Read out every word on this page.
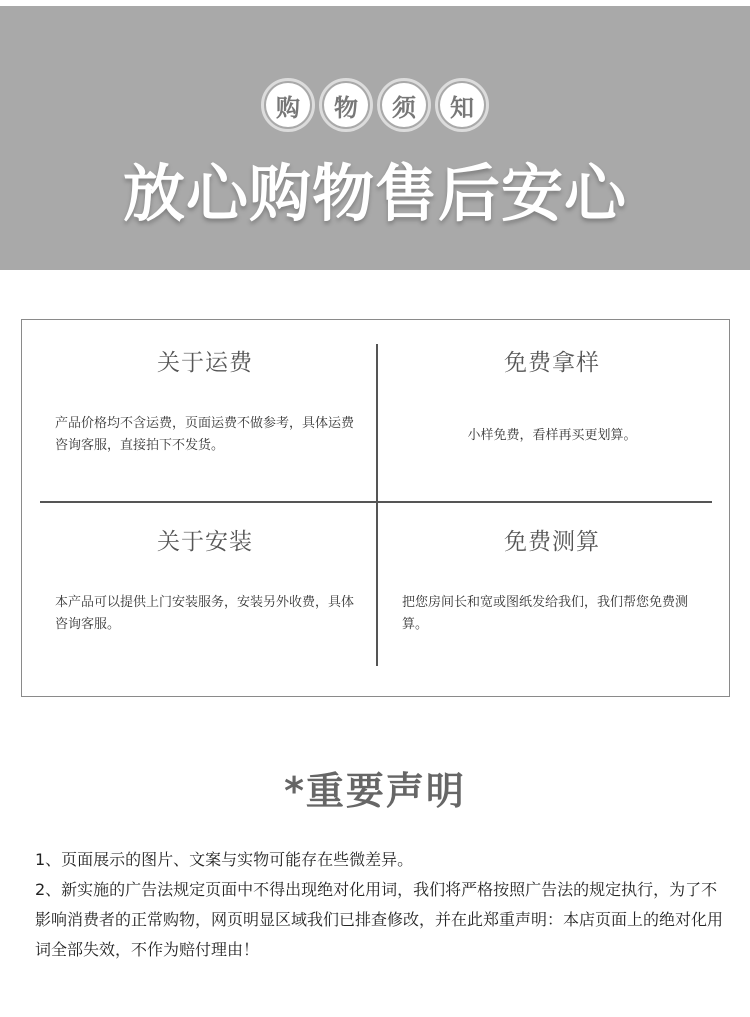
购	物	须	知
放心购物售后安心
关于运费
产品价格均不含运费，页面运费不做参考，具体运费咨询客服，直接拍下不发货。
免费拿样
小样免费，看样再买更划算。
关于安装
本产品可以提供上门安装服务，安装另外收费，具体咨询客服。
免费测算
把您房间长和宽或图纸发给我们，我们帮您免费测算。
*重要声明

1、页面展示的图片、文案与实物可能存在些微差异。

2、新实施的广告法规定页面中不得出现绝对化用词，我们将严格按照广告法的规定执行，为了不影响消费者的正常购物，网页明显区域我们已排查修改，并在此郑重声明：本店页面上的绝对化用词全部失效，不作为赔付理由！
